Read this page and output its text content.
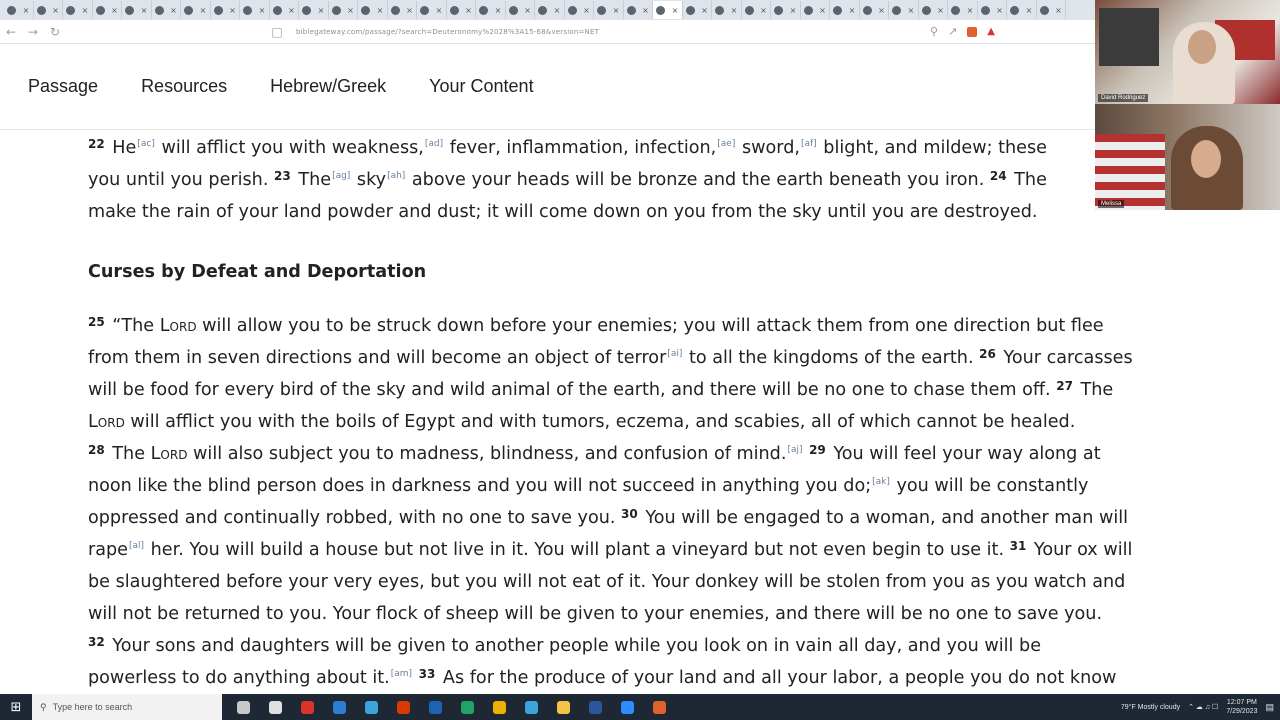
×	×	×	×	×	×	×	×	×	×	×	×	×	×	×	×	×	×	×	×	×	×	×	×	×	×	×	×	×	×	×	×	×	×	×	×
← → ↻	□	biblegateway.com/passage/?search=Deuteronomy%2028%3A15-68&version=NET	⚲ ↗	▲
Passage Resources Hebrew/Greek Your Content
$^{22}$ He[ac] will afflict you with weakness,[ad] fever, inflammation, infection,[ae] sword,[af] blight, and mildew; these
you until you perish. $^{23}$ The[ag] sky[ah] above your heads will be bronze and the earth beneath you iron. $^{24}$ The
make the rain of your land powder and dust; it will come down on you from the sky until you are destroyed.
Curses by Defeat and Deportation
$^{25}$ “The Lord will allow you to be struck down before your enemies; you will attack them from one direction but flee
from them in seven directions and will become an object of terror[ai] to all the kingdoms of the earth. $^{26}$ Your carcasses
will be food for every bird of the sky and wild animal of the earth, and there will be no one to chase them off. $^{27}$ The
Lord will afflict you with the boils of Egypt and with tumors, eczema, and scabies, all of which cannot be healed.
$^{28}$ The Lord will also subject you to madness, blindness, and confusion of mind.[aj] $^{29}$ You will feel your way along at
noon like the blind person does in darkness and you will not succeed in anything you do;[ak] you will be constantly
oppressed and continually robbed, with no one to save you. $^{30}$ You will be engaged to a woman, and another man will
rape[al] her. You will build a house but not live in it. You will plant a vineyard but not even begin to use it. $^{31}$ Your ox will
be slaughtered before your very eyes, but you will not eat of it. Your donkey will be stolen from you as you watch and
will not be returned to you. Your flock of sheep will be given to your enemies, and there will be no one to save you.
$^{32}$ Your sons and daughters will be given to another people while you look on in vain all day, and you will be
powerless to do anything about it.[am] $^{33}$ As for the produce of your land and all your labor, a people you do not know
David Rodriguez
Melissa
⊞	⚲ Type here to search	79°F Mostly cloudy ⌃ ☁ ♫ ☐
12:07 PM
7/29/2023 ▤
